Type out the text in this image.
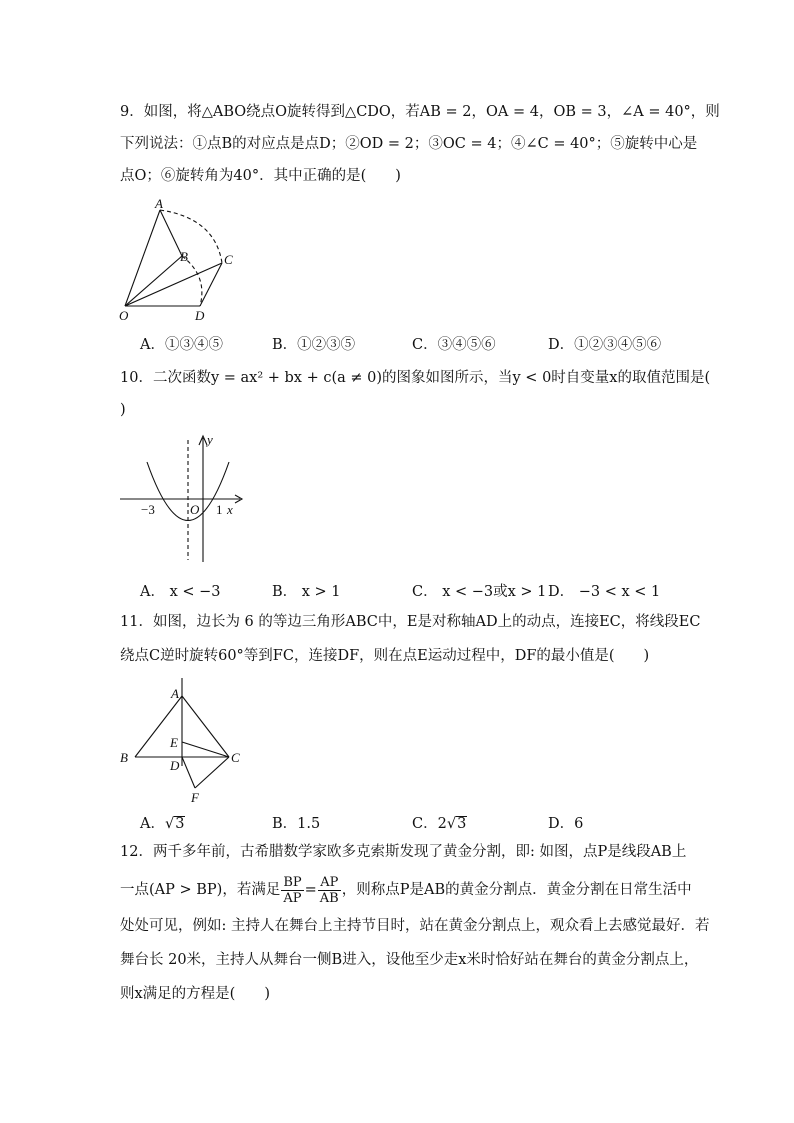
9．如图，将△ABO绕点O旋转得到△CDO，若AB = 2，OA = 4，OB = 3，∠A = 40°，则
下列说法：①点B的对应点是点D；②OD = 2；③OC = 4；④∠C = 40°；⑤旋转中心是
点O；⑥旋转角为40°．其中正确的是(　　)
A
B	C
D
O
A．①③④⑤	B．①②③⑤	C．③④⑤⑥	D．①②③④⑤⑥
10．二次函数y = ax² + bx + c(a ≠ 0)的图象如图所示，当y < 0时自变量x的取值范围是(
)
y
x
O
−3	1
A． x < −3	B． x > 1	C． x < −3或x > 1 D． −3 < x < 1
11．如图，边长为 6 的等边三角形ABC中，E是对称轴AD上的动点，连接EC，将线段EC
绕点C逆时旋转60°等到FC，连接DF，则在点E运动过程中，DF的最小值是(　　)
A
B	C
D
E
F
A．√3	B．1.5	C．2√3	D．6
12．两千多年前，古希腊数学家欧多克索斯发现了黄金分割，即: 如图，点P是线段AB上
一点(AP > BP)，若满足 $\frac{BP}{AP} = \frac{AP}{AB}$ ，则称点P是AB的黄金分割点．黄金分割在日常生活中
处处可见，例如: 主持人在舞台上主持节目时，站在黄金分割点上，观众看上去感觉最好．若
舞台长 20米，主持人从舞台一侧B进入，设他至少走x米时恰好站在舞台的黄金分割点上，
则x满足的方程是(　　)
